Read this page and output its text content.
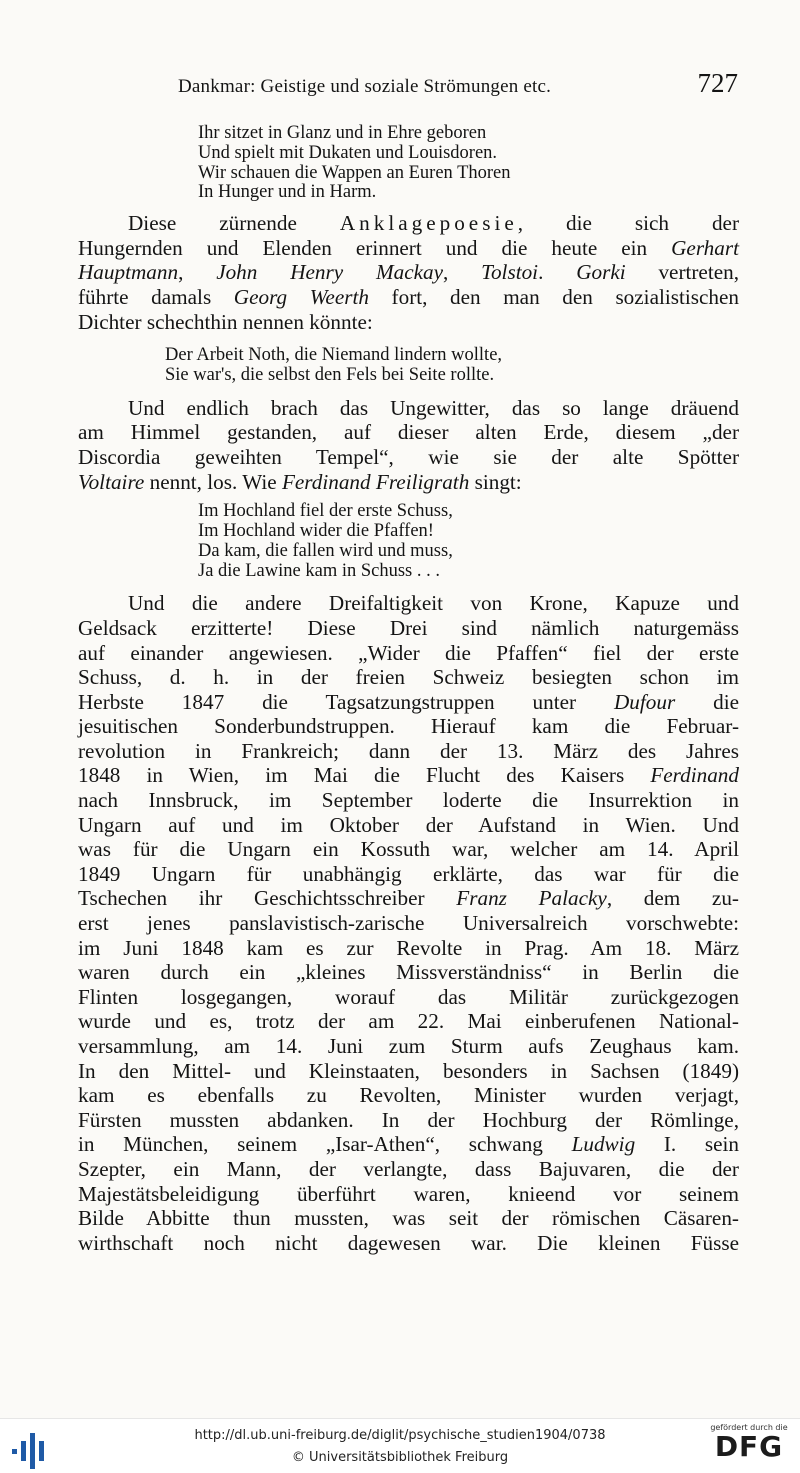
Dankmar: Geistige und soziale Strömungen etc.	727
Ihr sitzet in Glanz und in Ehre geboren
Und spielt mit Dukaten und Louisdoren.
Wir schauen die Wappen an Euren Thoren
In Hunger und in Harm.

Diese zürnende Anklagepoesie, die sich der
Hungernden und Elenden erinnert und die heute ein Gerhart
Hauptmann, John Henry Mackay, Tolstoi. Gorki vertreten,
führte damals Georg Weerth fort, den man den sozialistischen
Dichter schechthin nennen könnte:

Der Arbeit Noth, die Niemand lindern wollte,
Sie war's, die selbst den Fels bei Seite rollte.

Und endlich brach das Ungewitter, das so lange dräuend
am Himmel gestanden, auf dieser alten Erde, diesem „der
Discordia geweihten Tempel“, wie sie der alte Spötter
Voltaire nennt, los. Wie Ferdinand Freiligrath singt:

Im Hochland fiel der erste Schuss,
Im Hochland wider die Pfaffen!
Da kam, die fallen wird und muss,
Ja die Lawine kam in Schuss . . .

Und die andere Dreifaltigkeit von Krone, Kapuze und
Geldsack erzitterte! Diese Drei sind nämlich naturgemäss
auf einander angewiesen. „Wider die Pfaffen“ fiel der erste
Schuss, d. h. in der freien Schweiz besiegten schon im
Herbste 1847 die Tagsatzungstruppen unter Dufour die
jesuitischen Sonderbundstruppen. Hierauf kam die Februar-
revolution in Frankreich; dann der 13. März des Jahres
1848 in Wien, im Mai die Flucht des Kaisers Ferdinand
nach Innsbruck, im September loderte die Insurrektion in
Ungarn auf und im Oktober der Aufstand in Wien. Und
was für die Ungarn ein Kossuth war, welcher am 14. April
1849 Ungarn für unabhängig erklärte, das war für die
Tschechen ihr Geschichtsschreiber Franz Palacky, dem zu-
erst jenes panslavistisch-zarische Universalreich vorschwebte:
im Juni 1848 kam es zur Revolte in Prag. Am 18. März
waren durch ein „kleines Missverständniss“ in Berlin die
Flinten losgegangen, worauf das Militär zurückgezogen
wurde und es, trotz der am 22. Mai einberufenen National-
versammlung, am 14. Juni zum Sturm aufs Zeughaus kam.
In den Mittel- und Kleinstaaten, besonders in Sachsen (1849)
kam es ebenfalls zu Revolten, Minister wurden verjagt,
Fürsten mussten abdanken. In der Hochburg der Römlinge,
in München, seinem „Isar-Athen“, schwang Ludwig I. sein
Szepter, ein Mann, der verlangte, dass Bajuvaren, die der
Majestätsbeleidigung überführt waren, knieend vor seinem
Bilde Abbitte thun mussten, was seit der römischen Cäsaren-
wirthschaft noch nicht dagewesen war. Die kleinen Füsse

http://dl.ub.uni-freiburg.de/diglit/psychische_studien1904/0738
© Universitätsbibliothek Freiburg
gefördert durch die
DFG
